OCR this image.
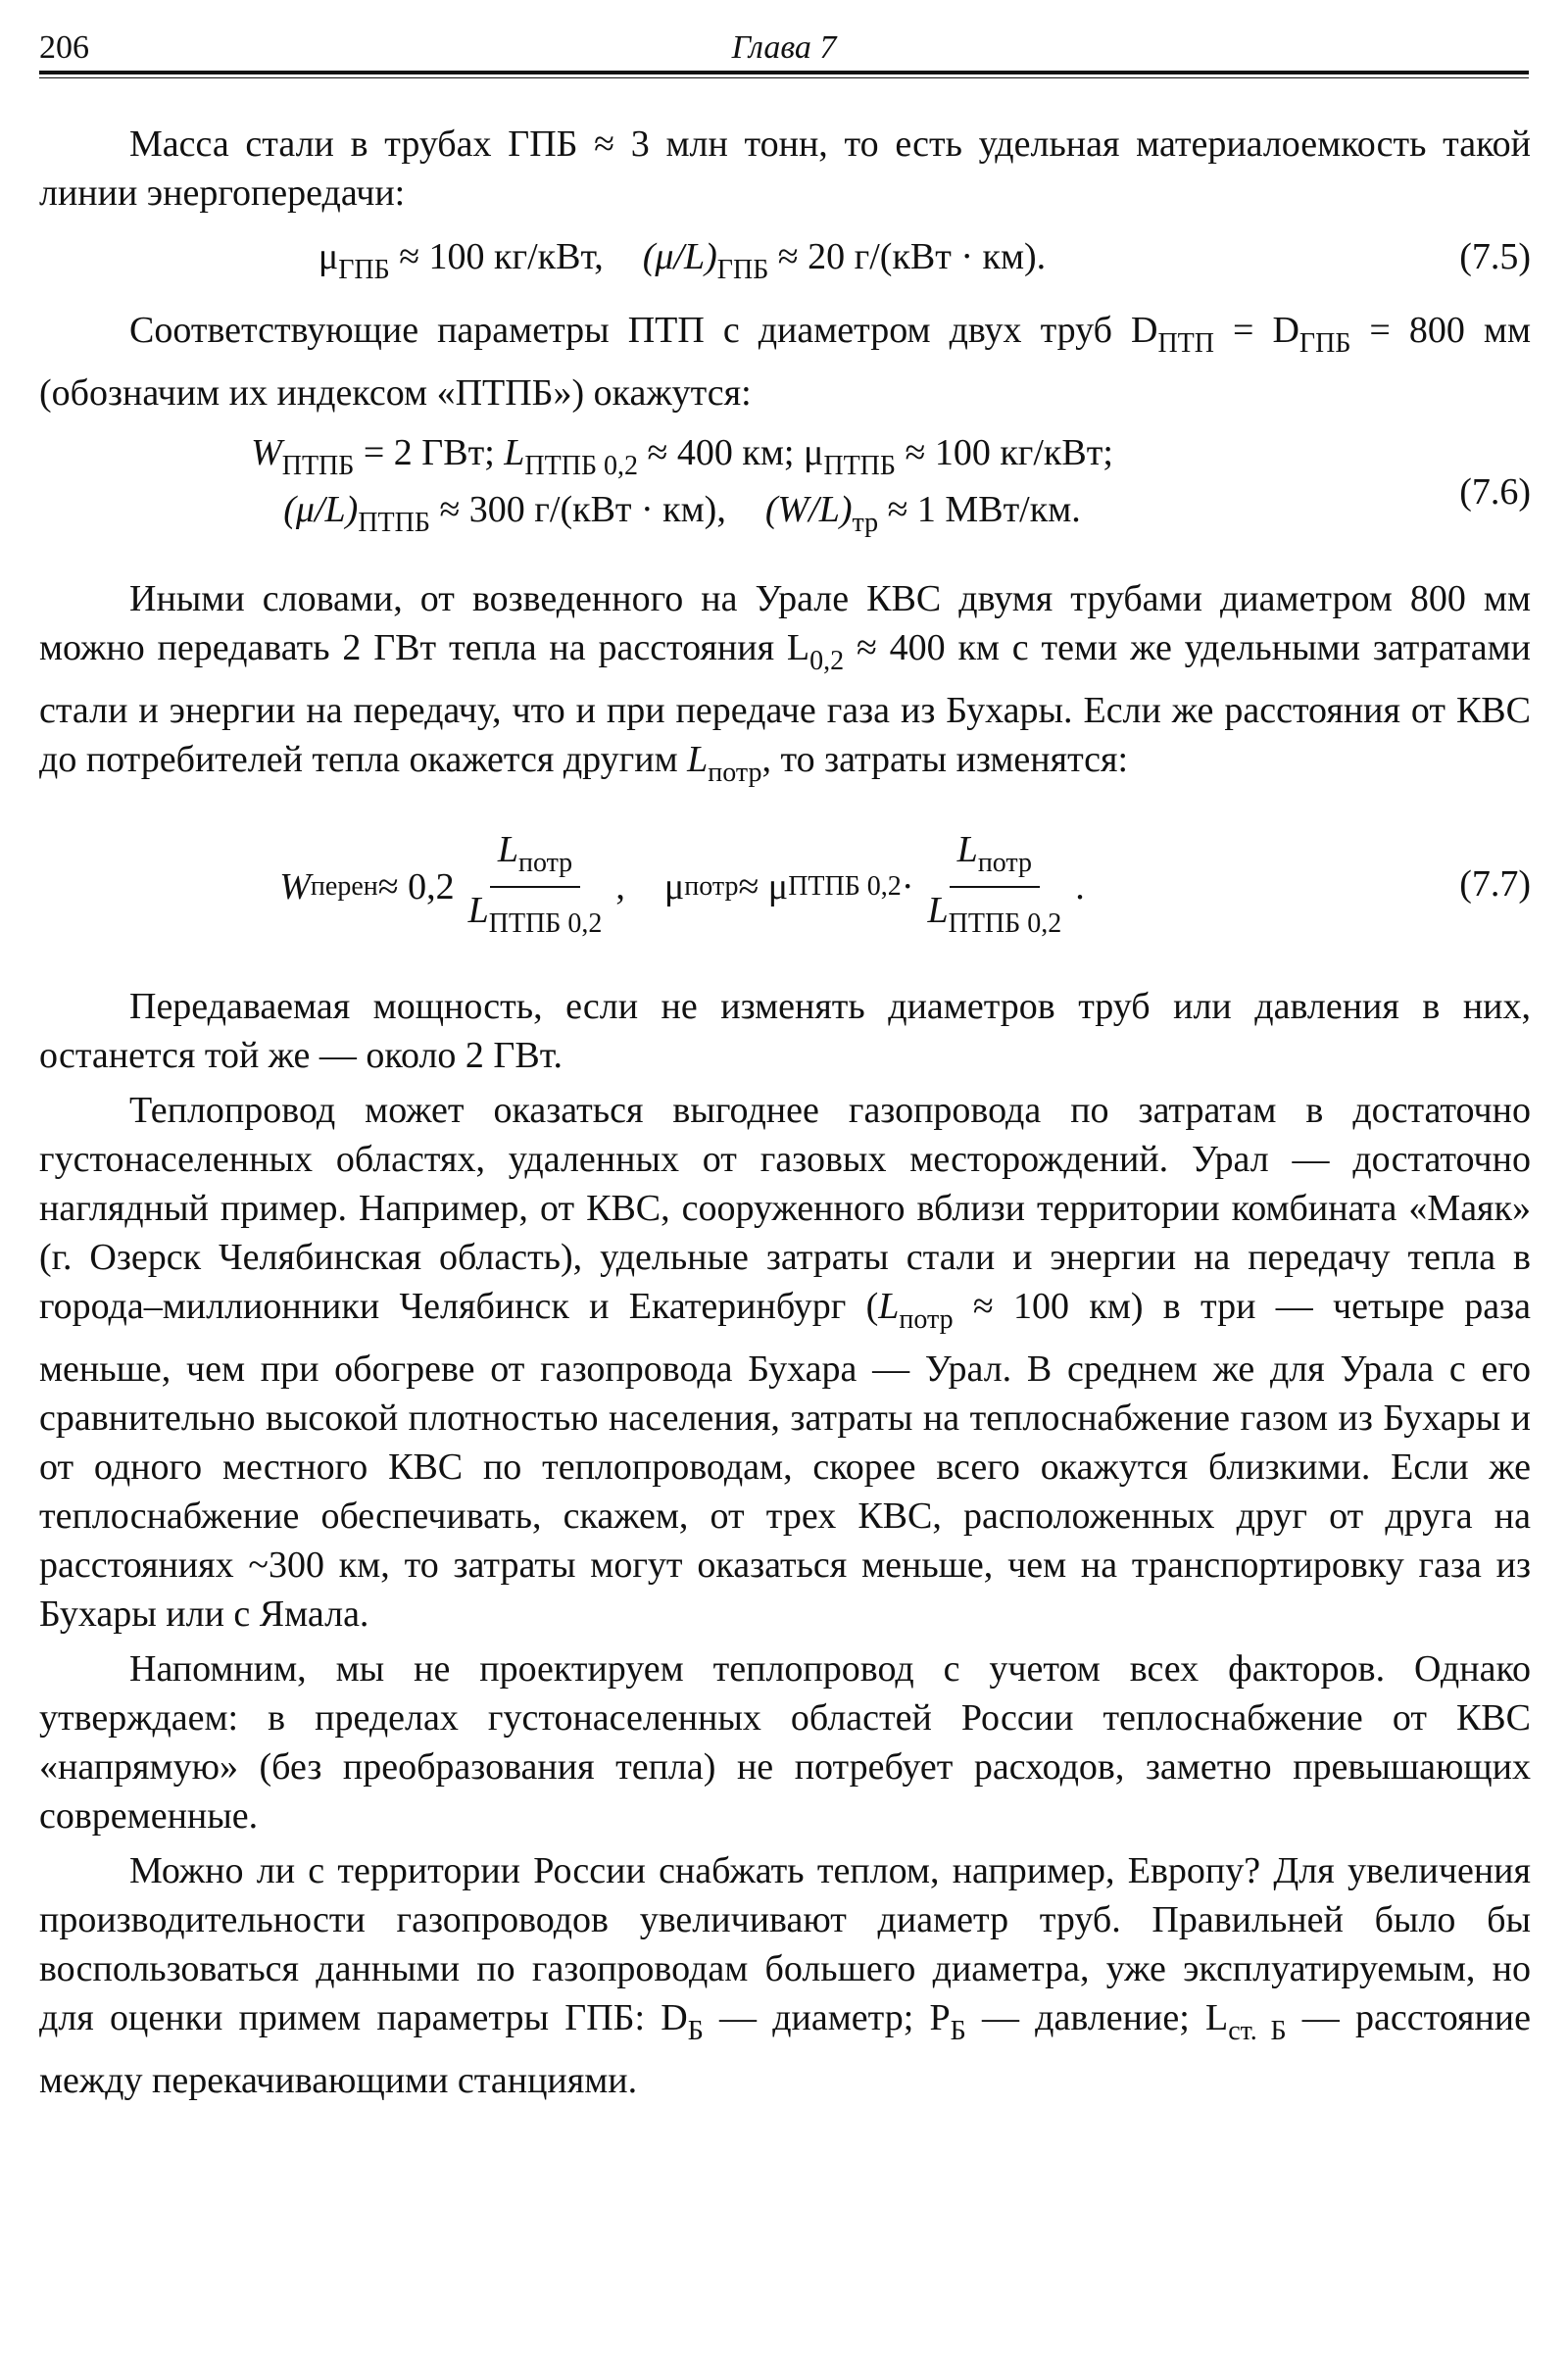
206	Глава 7

Масса стали в трубах ГПБ ≈ 3 млн тонн, то есть удельная материалоемкость такой линии энергопередачи:

$\mu_{ГПБ} \approx 100$ кг/кВт, $(\mu/L)_{ГПБ} \approx 20$ г/(кВт · км).	(7.5)

Соответствующие параметры ПТП с диаметром двух труб $D_{ПТП} = D_{ГПБ} = 800$ мм (обозначим их индексом «ПТПБ») окажутся:

$W_{ПТПБ} = 2$ ГВт; $L_{ПТПБ 0,2} \approx 400$ км; $\mu_{ПТПБ} \approx 100$ кг/кВт;
$(\mu/L)_{ПТПБ} \approx 300$ г/(кВт · км), $(W/L)_{тр} \approx 1$ МВт/км.	(7.6)

Иными словами, от возведенного на Урале КВС двумя трубами диаметром 800 мм можно передавать 2 ГВт тепла на расстояния $L_{0,2} \approx 400$ км с теми же удельными затратами стали и энергии на передачу, что и при передаче газа из Бухары. Если же расстояния от КВС до потребителей тепла окажется другим $L_{потр}$, то затраты изменятся:

W перен ≈ $0,2 \frac{L_{потр}}{L_{ПТПБ 0,2}}$ , μ потр ≈ μ ПТПБ $0,2 \cdot \frac{L_{потр}}{L_{ПТПБ 0,2}}$ .	(7.7)

Передаваемая мощность, если не изменять диаметров труб или давления в них, останется той же — около 2 ГВт.

Теплопровод может оказаться выгоднее газопровода по затратам в достаточно густонаселенных областях, удаленных от газовых месторождений. Урал — достаточно наглядный пример. Например, от КВС, сооруженного вблизи территории комбината «Маяк» (г. Озерск Челябинская область), удельные затраты стали и энергии на передачу тепла в города–миллионники Челябинск и Екатеринбург ($L_{потр} \approx 100$ км) в три — четыре раза меньше, чем при обогреве от газопровода Бухара — Урал. В среднем же для Урала с его сравнительно высокой плотностью населения, затраты на теплоснабжение газом из Бухары и от одного местного КВС по теплопроводам, скорее всего окажутся близкими. Если же теплоснабжение обеспечивать, скажем, от трех КВС, расположенных друг от друга на расстояниях ~300 км, то затраты могут оказаться меньше, чем на транспортировку газа из Бухары или с Ямала.

Напомним, мы не проектируем теплопровод с учетом всех факторов. Однако утверждаем: в пределах густонаселенных областей России теплоснабжение от КВС «напрямую» (без преобразования тепла) не потребует расходов, заметно превышающих современные.

Можно ли с территории России снабжать теплом, например, Европу? Для увеличения производительности газопроводов увеличивают диаметр труб. Правильней было бы воспользоваться данными по газопроводам большего диаметра, уже эксплуатируемым, но для оценки примем параметры ГПБ: $D_Б$ — диаметр; $P_Б$ — давление; $L_{ст. Б}$ — расстояние между перекачивающими станциями.
